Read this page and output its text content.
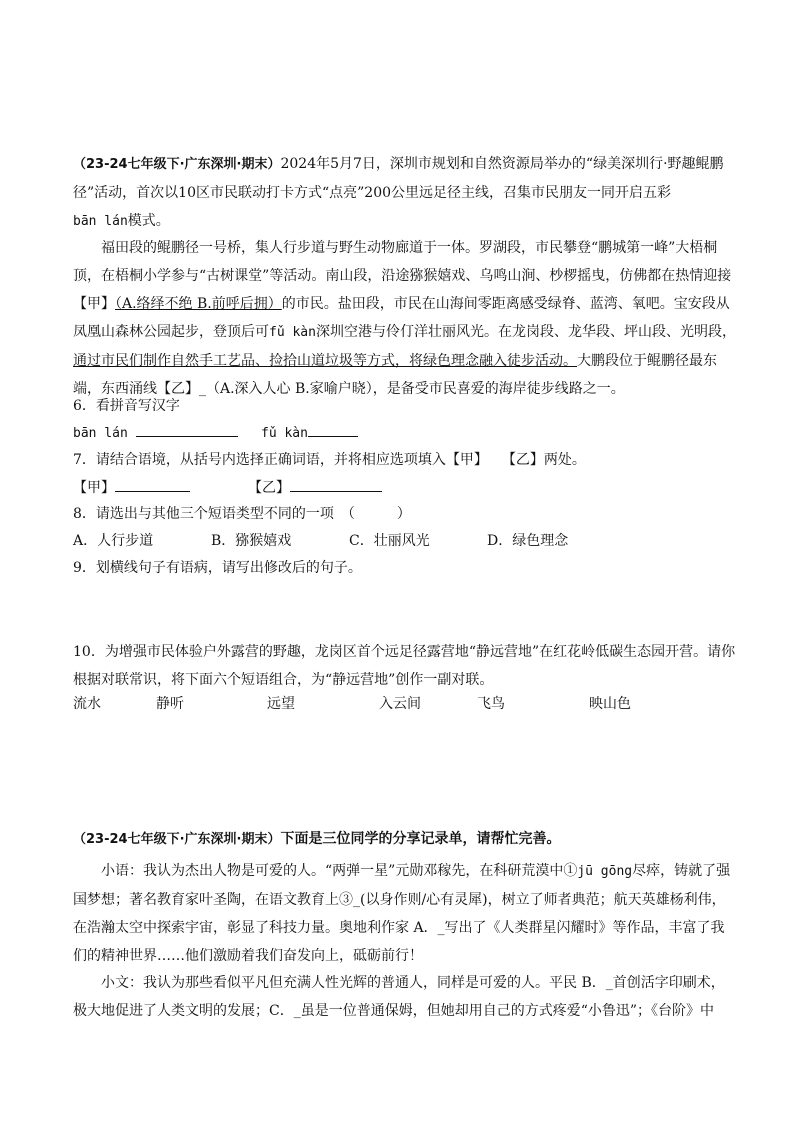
（23-24七年级下·广东深圳·期末）2024年5月7日，深圳市规划和自然资源局举办的“绿美深圳行·野趣鲲鹏径”活动，首次以10区市民联动打卡方式“点亮”200公里远足径主线，召集市民朋友一同开启五彩
bān lán模式。

福田段的鲲鹏径一号桥，集人行步道与野生动物廊道于一体。罗湖段，市民攀登“鹏城第一峰”大梧桐顶，在梧桐小学参与“古树课堂”等活动。南山段，沿途猕猴嬉戏、乌鸣山涧、杪椤摇曳，仿佛都在热情迎接【甲】（A.络绎不绝 B.前呼后拥）的市民。盐田段，市民在山海间零距离感受绿脊、蓝湾、氧吧。宝安段从凤凰山森林公园起步，登顶后可fǔ kàn深圳空港与伶仃洋壮丽风光。在龙岗段、龙华段、坪山段、光明段，通过市民们制作自然手工艺品、捡拾山道垃圾等方式，将绿色理念融入徒步活动。大鹏段位于鲲鹏径最东端，东西涌线【乙】_（A.深入人心 B.家喻户晓），是备受市民喜爱的海岸徒步线路之一。

6．看拼音写汉字

bān lán	fǔ kàn

7．请结合语境，从括号内选择正确词语，并将相应选项填入【甲】　　【乙】两处。

【甲】	【乙】

8．请选出与其他三个短语类型不同的一项　（　　　）

A．人行步道	B．猕猴嬉戏	C．壮丽风光	D．绿色理念

9．划横线句子有语病，请写出修改后的句子。

10．为增强市民体验户外露营的野趣，龙岗区首个远足径露营地“静远营地”在红花岭低碳生态园开营。请你根据对联常识，将下面六个短语组合，为“静远营地”创作一副对联。

流水	静听	远望	入云间	飞鸟	映山色

（23-24七年级下·广东深圳·期末）下面是三位同学的分享记录单，请帮忙完善。

小语：我认为杰出人物是可爱的人。“两弹一星”元勋邓稼先，在科研荒漠中①jū gōng尽瘁，铸就了强国梦想；著名教育家叶圣陶，在语文教育上③_(以身作则/心有灵犀)，树立了师者典范；航天英雄杨利伟，在浩瀚太空中探索宇宙，彰显了科技力量。奥地利作家 A．_写出了《人类群星闪耀时》等作品，丰富了我们的精神世界……他们激励着我们奋发向上，砥砺前行！

小文：我认为那些看似平凡但充满人性光辉的普通人，同样是可爱的人。平民 B．_首创活字印刷术，极大地促进了人类文明的发展；C．_虽是一位普通保姆，但她却用自己的方式疼爱“小鲁迅”；《台阶》中
